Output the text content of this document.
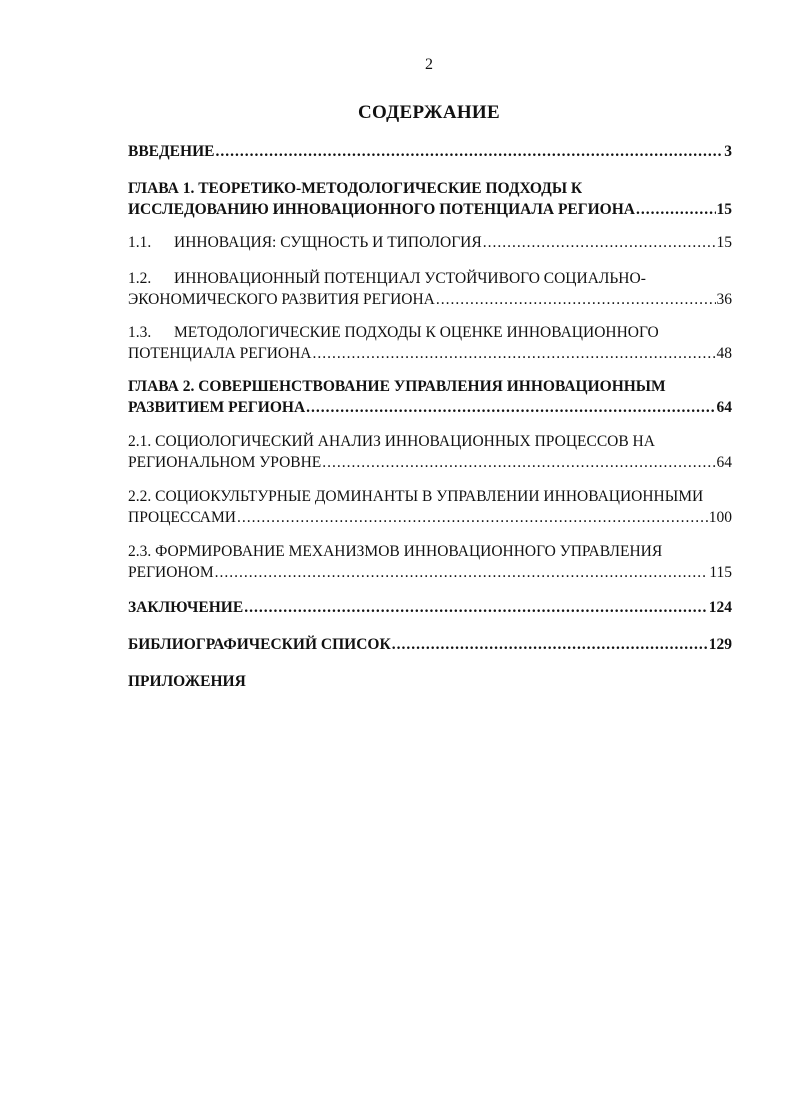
2
СОДЕРЖАНИЕ
ВВЕДЕНИЕ .....	3
ГЛАВА 1. ТЕОРЕТИКО-МЕТОДОЛОГИЧЕСКИЕ ПОДХОДЫ К
ИССЛЕДОВАНИЮ ИННОВАЦИОННОГО ПОТЕНЦИАЛА РЕГИОНА .....	15
1.1. ИННОВАЦИЯ: СУЩНОСТЬ И ТИПОЛОГИЯ .....	15
1.2. ИННОВАЦИОННЫЙ ПОТЕНЦИАЛ УСТОЙЧИВОГО СОЦИАЛЬНО-
ЭКОНОМИЧЕСКОГО РАЗВИТИЯ РЕГИОНА .....	36
1.3. МЕТОДОЛОГИЧЕСКИЕ ПОДХОДЫ К ОЦЕНКЕ ИННОВАЦИОННОГО
ПОТЕНЦИАЛА РЕГИОНА .....	48
ГЛАВА 2. СОВЕРШЕНСТВОВАНИЕ УПРАВЛЕНИЯ ИННОВАЦИОННЫМ
РАЗВИТИЕМ РЕГИОНА .....	64
2.1. СОЦИОЛОГИЧЕСКИЙ АНАЛИЗ ИННОВАЦИОННЫХ ПРОЦЕССОВ НА
РЕГИОНАЛЬНОМ УРОВНЕ .....	64
2.2. СОЦИОКУЛЬТУРНЫЕ ДОМИНАНТЫ В УПРАВЛЕНИИ ИННОВАЦИОННЫМИ
ПРОЦЕССАМИ .....	100
2.3. ФОРМИРОВАНИЕ МЕХАНИЗМОВ ИННОВАЦИОННОГО УПРАВЛЕНИЯ
РЕГИОНОМ .....	115
ЗАКЛЮЧЕНИЕ .....	124
БИБЛИОГРАФИЧЕСКИЙ СПИСОК .....	129
ПРИЛОЖЕНИЯ
